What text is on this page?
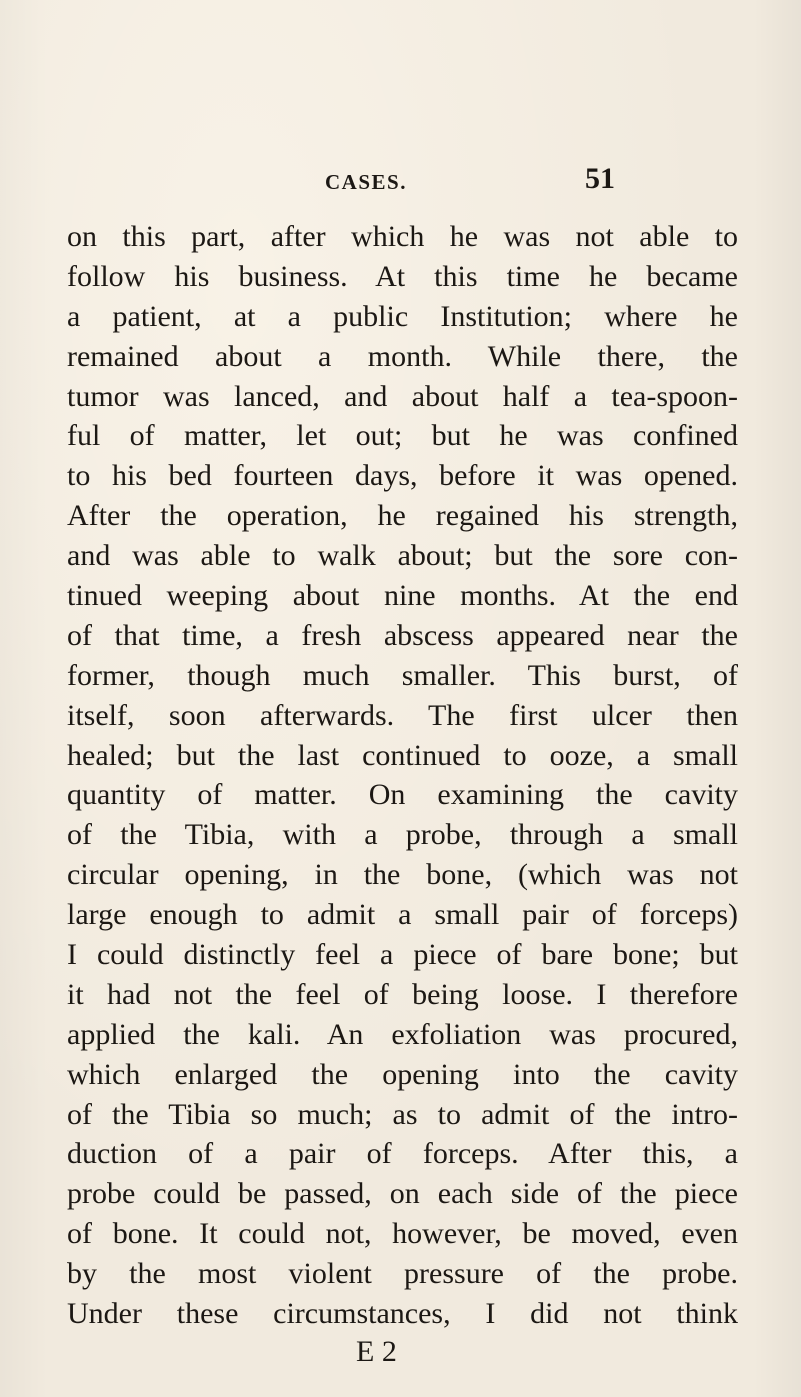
CASES.	51
on this part, after which he was not able to
follow his business. At this time he became
a patient, at a public Institution; where he
remained about a month. While there, the
tumor was lanced, and about half a tea-spoon-
ful of matter, let out; but he was confined
to his bed fourteen days, before it was opened.
After the operation, he regained his strength,
and was able to walk about; but the sore con-
tinued weeping about nine months. At the end
of that time, a fresh abscess appeared near the
former, though much smaller. This burst, of
itself, soon afterwards. The first ulcer then
healed; but the last continued to ooze, a small
quantity of matter. On examining the cavity
of the Tibia, with a probe, through a small
circular opening, in the bone, (which was not
large enough to admit a small pair of forceps)
I could distinctly feel a piece of bare bone; but
it had not the feel of being loose. I therefore
applied the kali. An exfoliation was procured,
which enlarged the opening into the cavity
of the Tibia so much; as to admit of the intro-
duction of a pair of forceps. After this, a
probe could be passed, on each side of the piece
of bone. It could not, however, be moved, even
by the most violent pressure of the probe.
Under these circumstances, I did not think
E 2
